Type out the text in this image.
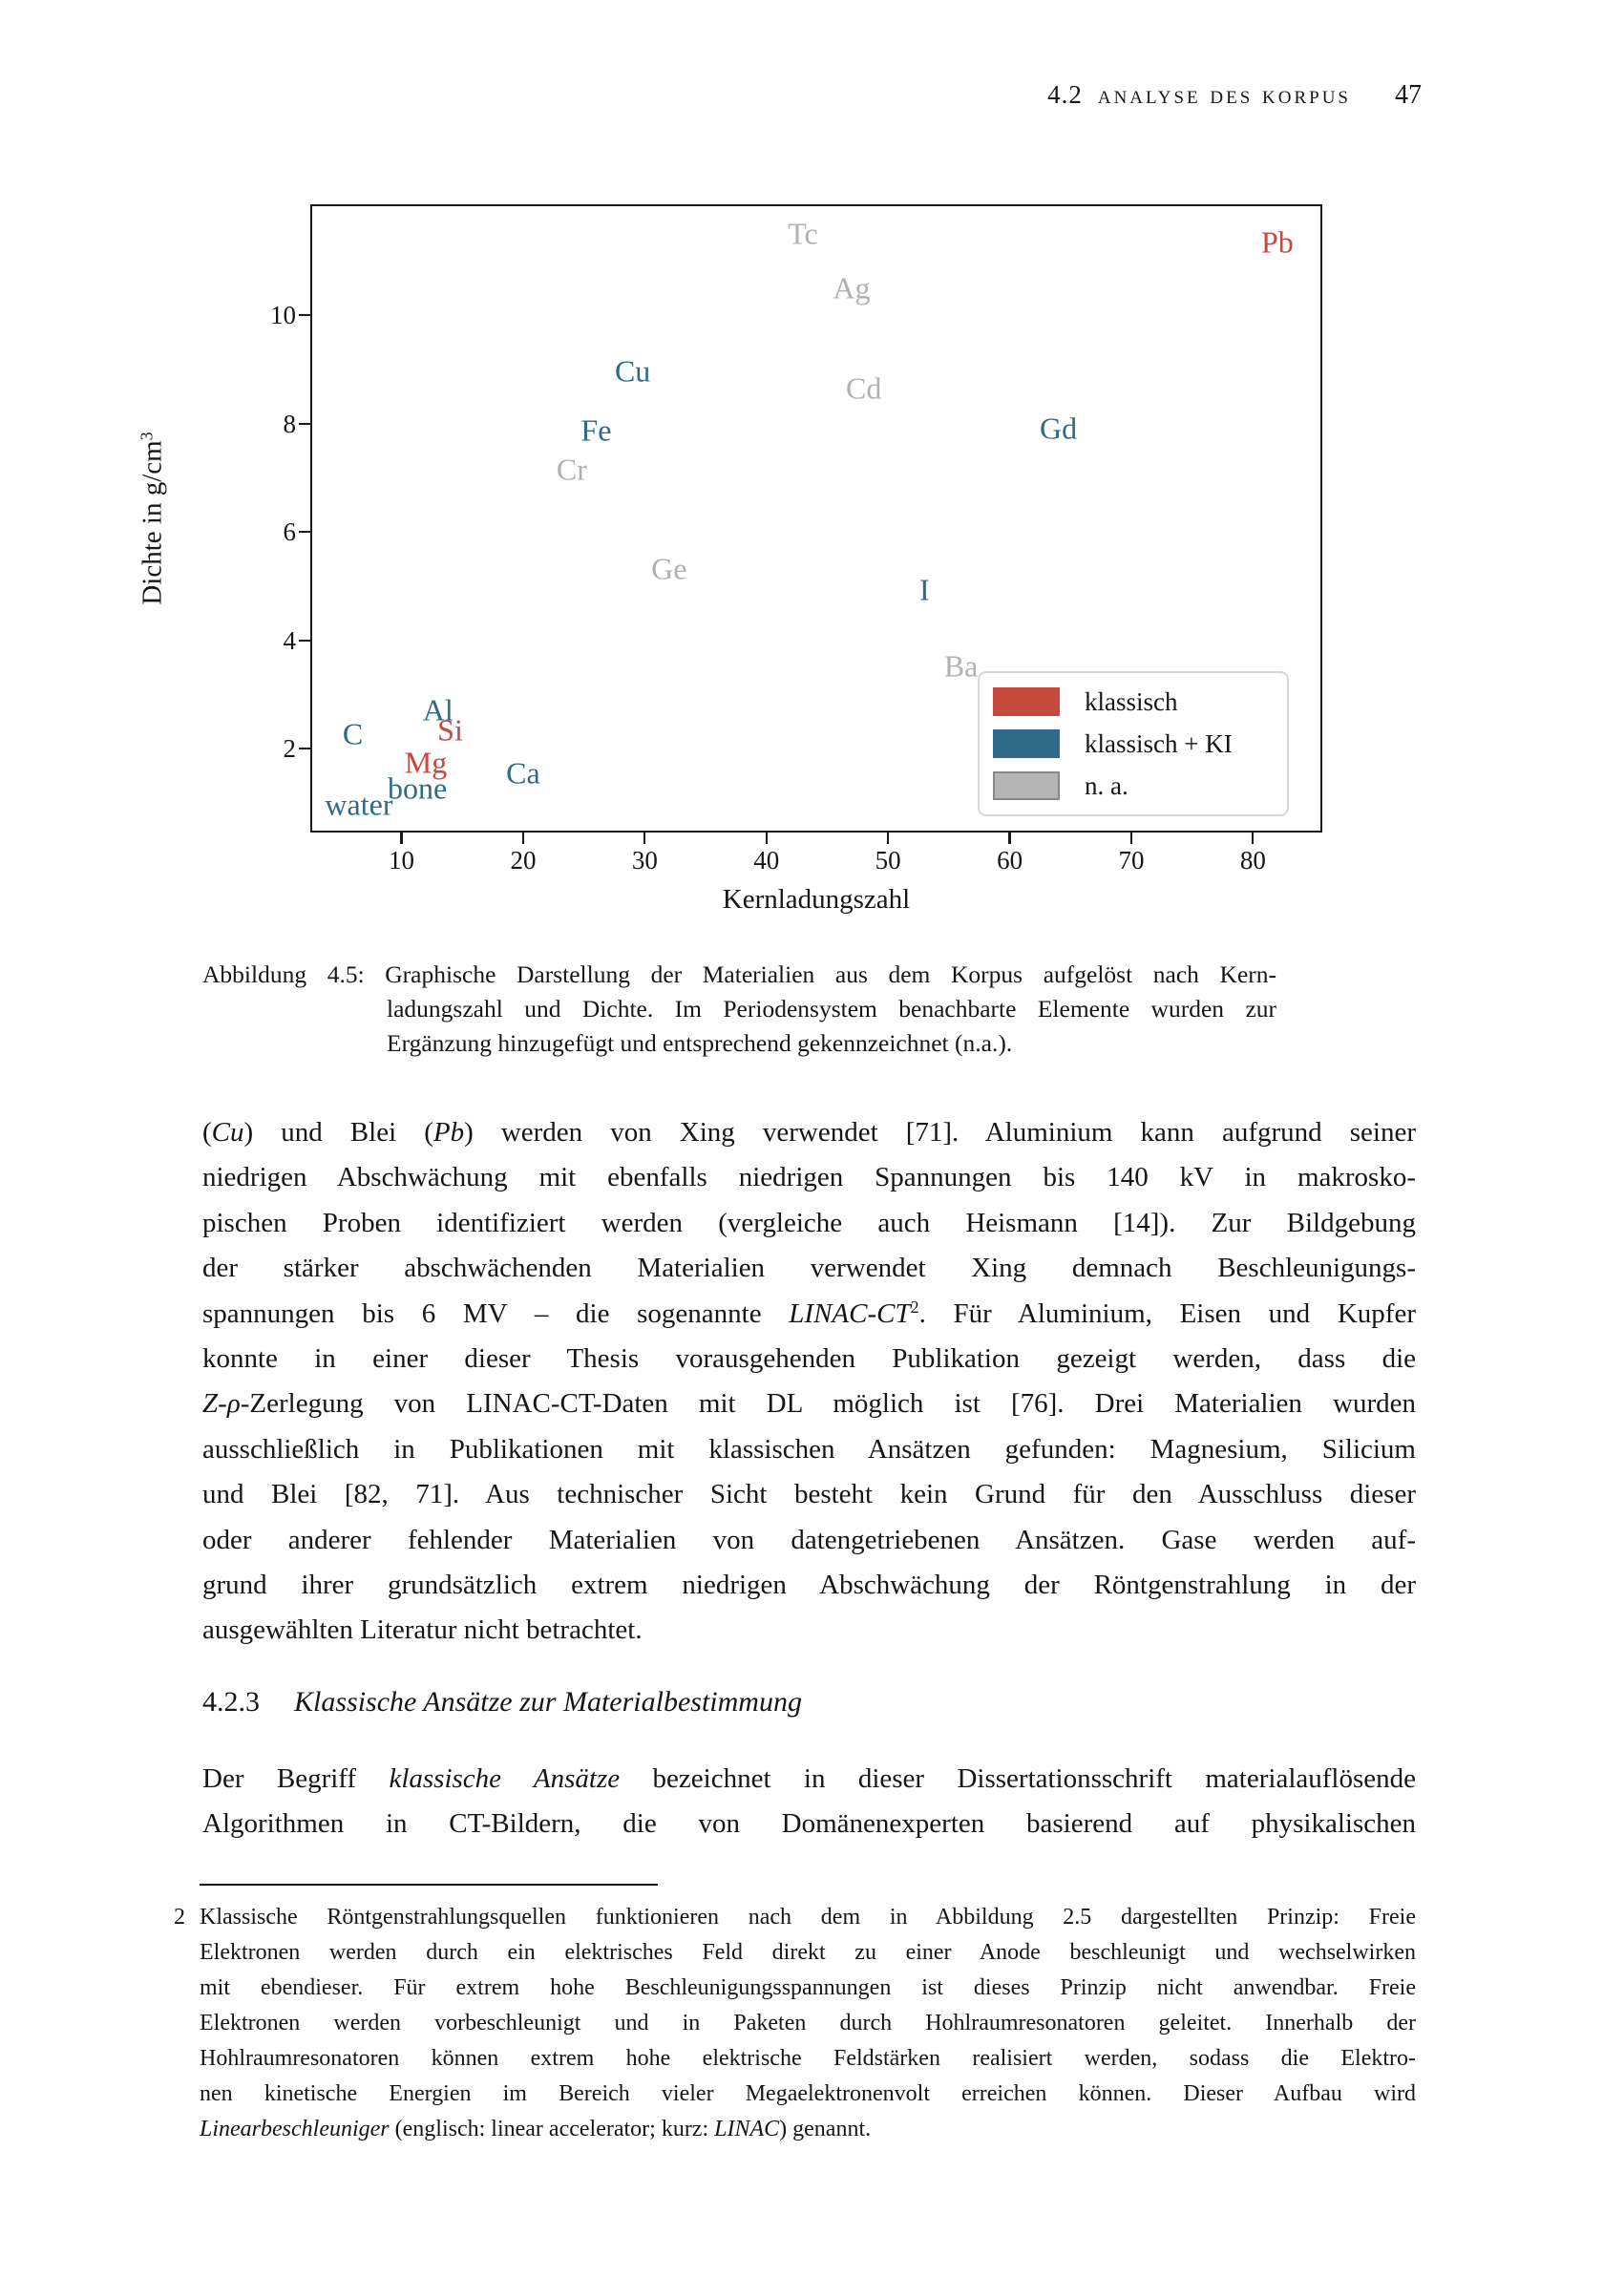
4.2 analyse des korpus 47
10	20	30	40	50	60	70	80
2
4
6
8
10
water
bone
C
Mg
Al
Si
Ca
Cr
Fe
Cu
Ge
Tc
Ag
Cd
I
Ba
Gd
Pb
Kernladungszahl
Dichte in $g/cm^3$
klassisch
klassisch + KI
n. a.
Abbildung 4.5: Graphische Darstellung der Materialien aus dem Korpus aufgelöst nach Kern-
ladungszahl und Dichte. Im Periodensystem benachbarte Elemente wurden zur
Ergänzung hinzugefügt und entsprechend gekennzeichnet (n.a.).
(Cu) und Blei (Pb) werden von Xing verwendet [71]. Aluminium kann aufgrund seiner
niedrigen Abschwächung mit ebenfalls niedrigen Spannungen bis 140 kV in makrosko-
pischen Proben identifiziert werden (vergleiche auch Heismann [14]). Zur Bildgebung
der stärker abschwächenden Materialien verwendet Xing demnach Beschleunigungs-
spannungen bis 6 MV – die sogenannte LINAC-$CT^2$. Für Aluminium, Eisen und Kupfer
konnte in einer dieser Thesis vorausgehenden Publikation gezeigt werden, dass die
Z-ρ-Zerlegung von LINAC-CT-Daten mit DL möglich ist [76]. Drei Materialien wurden
ausschließlich in Publikationen mit klassischen Ansätzen gefunden: Magnesium, Silicium
und Blei [82, 71]. Aus technischer Sicht besteht kein Grund für den Ausschluss dieser
oder anderer fehlender Materialien von datengetriebenen Ansätzen. Gase werden auf-
grund ihrer grundsätzlich extrem niedrigen Abschwächung der Röntgenstrahlung in der
ausgewählten Literatur nicht betrachtet.
4.2.3 Klassische Ansätze zur Materialbestimmung
Der Begriff klassische Ansätze bezeichnet in dieser Dissertationsschrift materialauflösende
Algorithmen in CT-Bildern, die von Domänenexperten basierend auf physikalischen
2 Klassische Röntgenstrahlungsquellen funktionieren nach dem in Abbildung 2.5 dargestellten Prinzip: Freie
Elektronen werden durch ein elektrisches Feld direkt zu einer Anode beschleunigt und wechselwirken
mit ebendieser. Für extrem hohe Beschleunigungsspannungen ist dieses Prinzip nicht anwendbar. Freie
Elektronen werden vorbeschleunigt und in Paketen durch Hohlraumresonatoren geleitet. Innerhalb der
Hohlraumresonatoren können extrem hohe elektrische Feldstärken realisiert werden, sodass die Elektro-
nen kinetische Energien im Bereich vieler Megaelektronenvolt erreichen können. Dieser Aufbau wird
Linearbeschleuniger (englisch: linear accelerator; kurz: LINAC) genannt.
